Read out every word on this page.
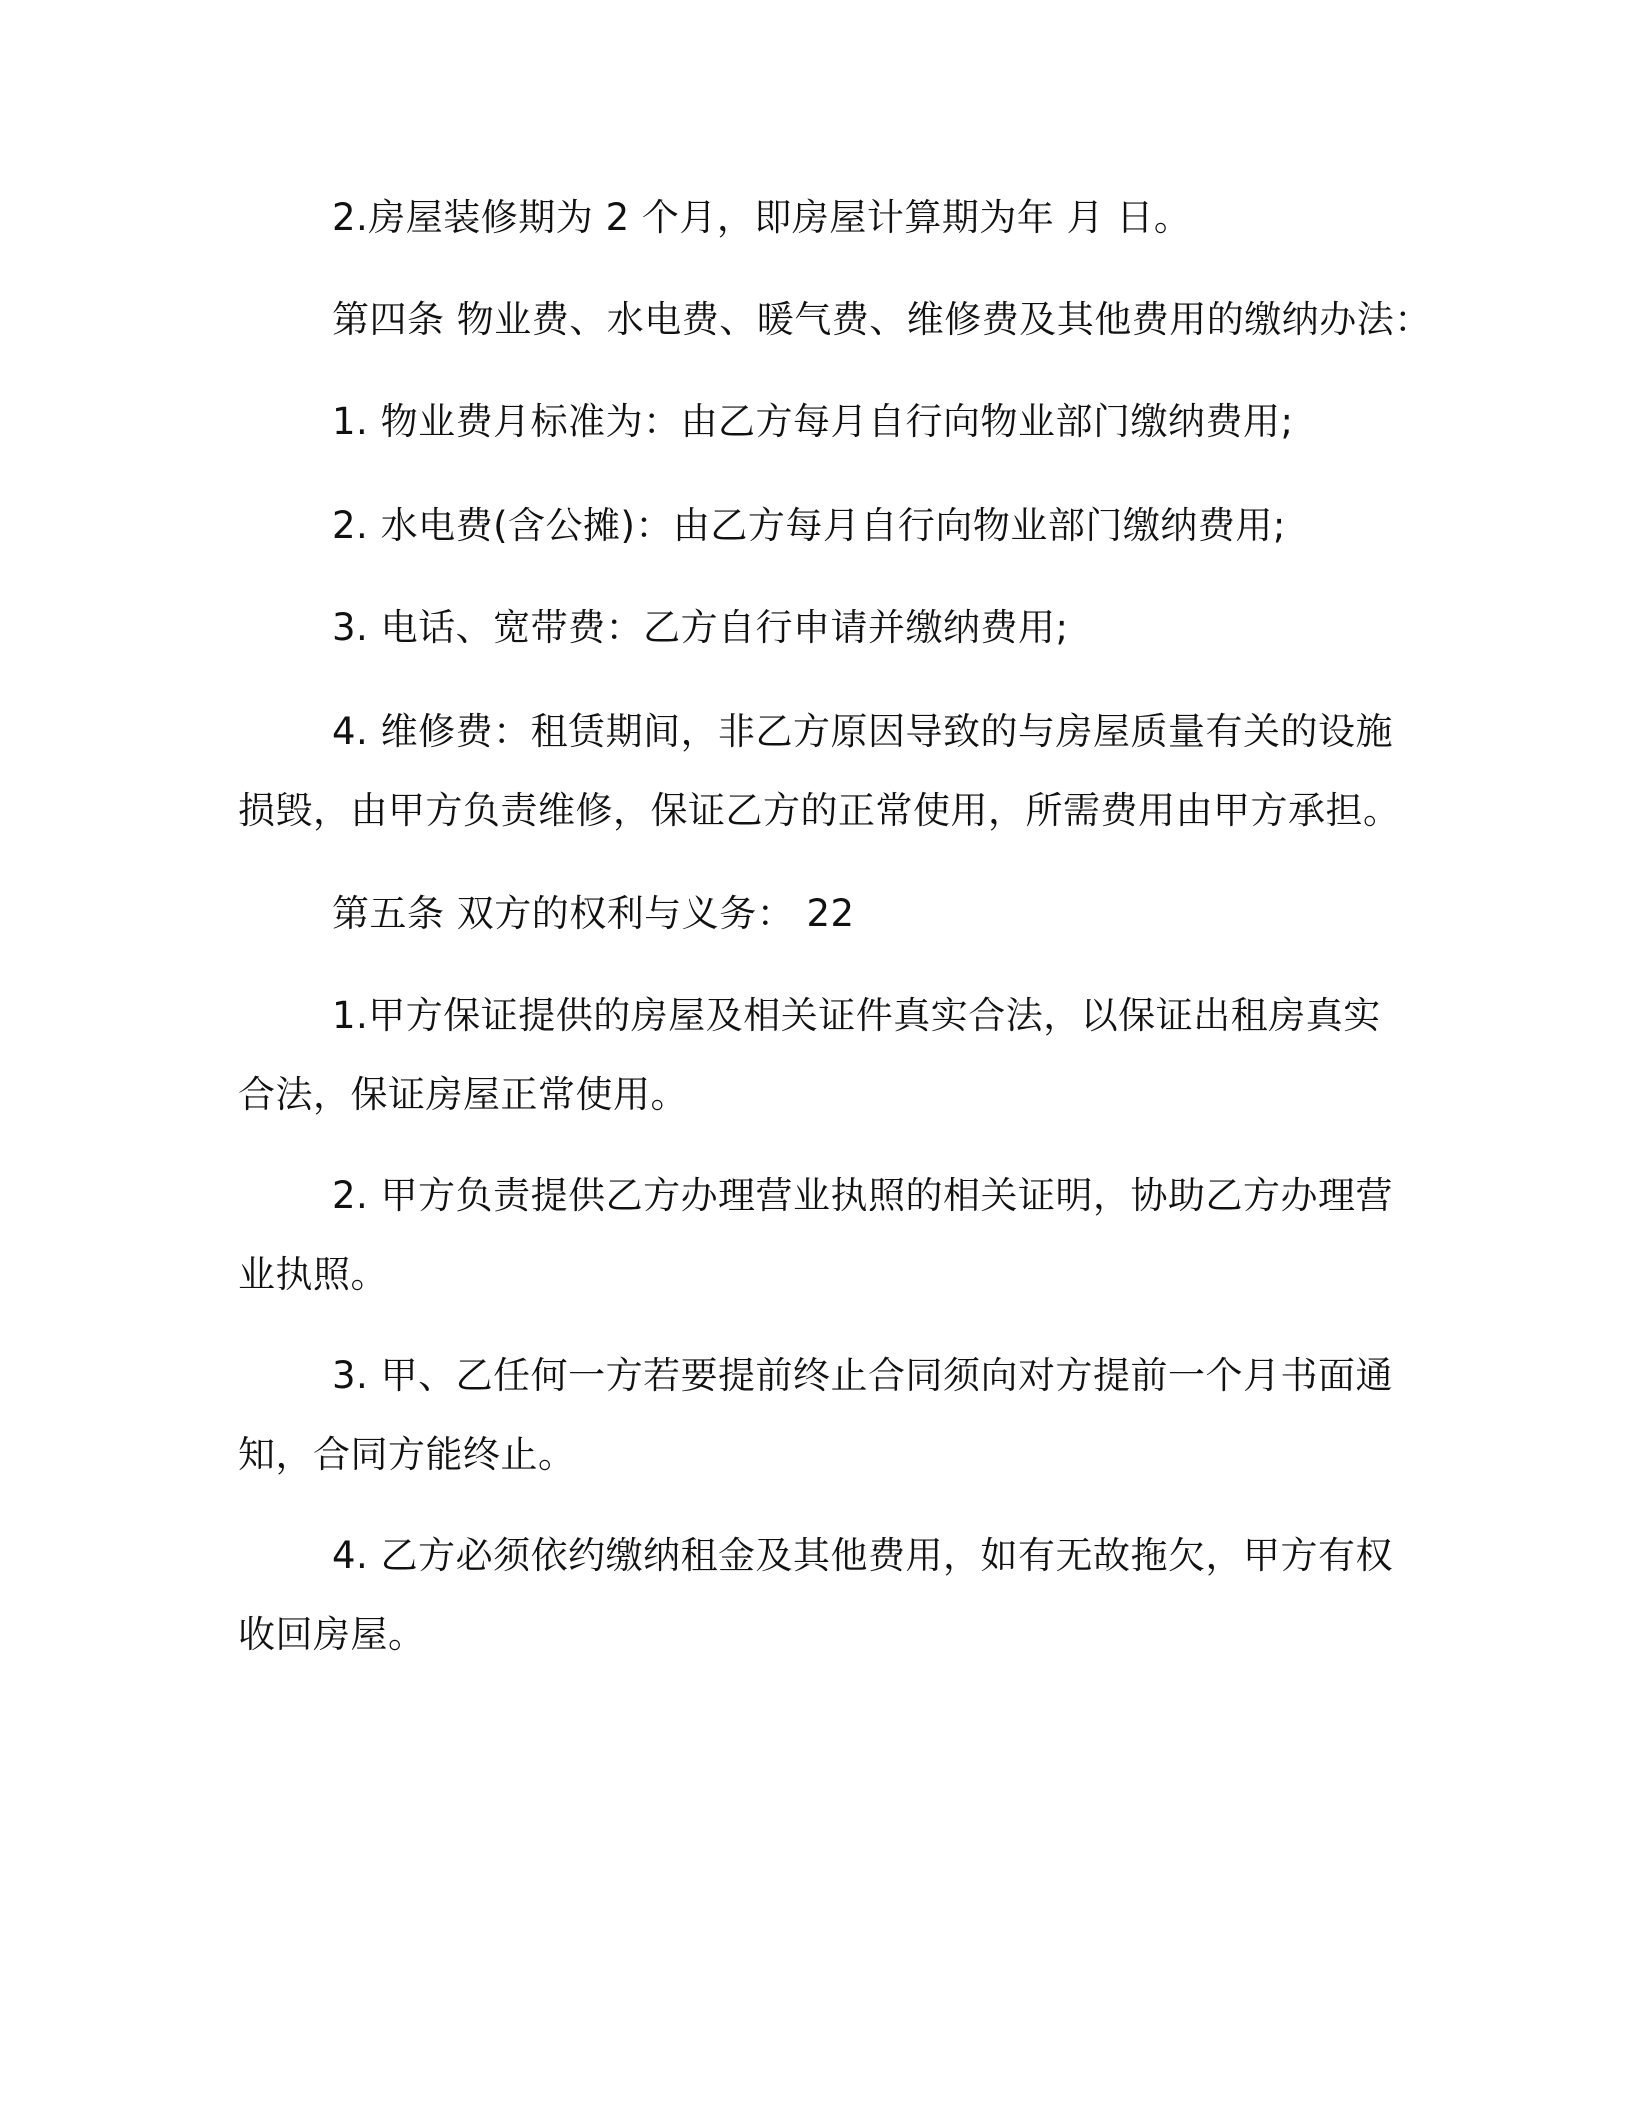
2.房屋装修期为 2 个月，即房屋计算期为年 月 日。

第四条 物业费、水电费、暖气费、维修费及其他费用的缴纳办法：

1. 物业费月标准为：由乙方每月自行向物业部门缴纳费用;

2. 水电费(含公摊)：由乙方每月自行向物业部门缴纳费用;

3. 电话、宽带费：乙方自行申请并缴纳费用;

4. 维修费：租赁期间，非乙方原因导致的与房屋质量有关的设施
损毁，由甲方负责维修，保证乙方的正常使用，所需费用由甲方承担。

第五条 双方的权利与义务： 22

1.甲方保证提供的房屋及相关证件真实合法，以保证出租房真实
合法，保证房屋正常使用。

2. 甲方负责提供乙方办理营业执照的相关证明，协助乙方办理营
业执照。

3. 甲、乙任何一方若要提前终止合同须向对方提前一个月书面通
知，合同方能终止。

4. 乙方必须依约缴纳租金及其他费用，如有无故拖欠，甲方有权
收回房屋。
